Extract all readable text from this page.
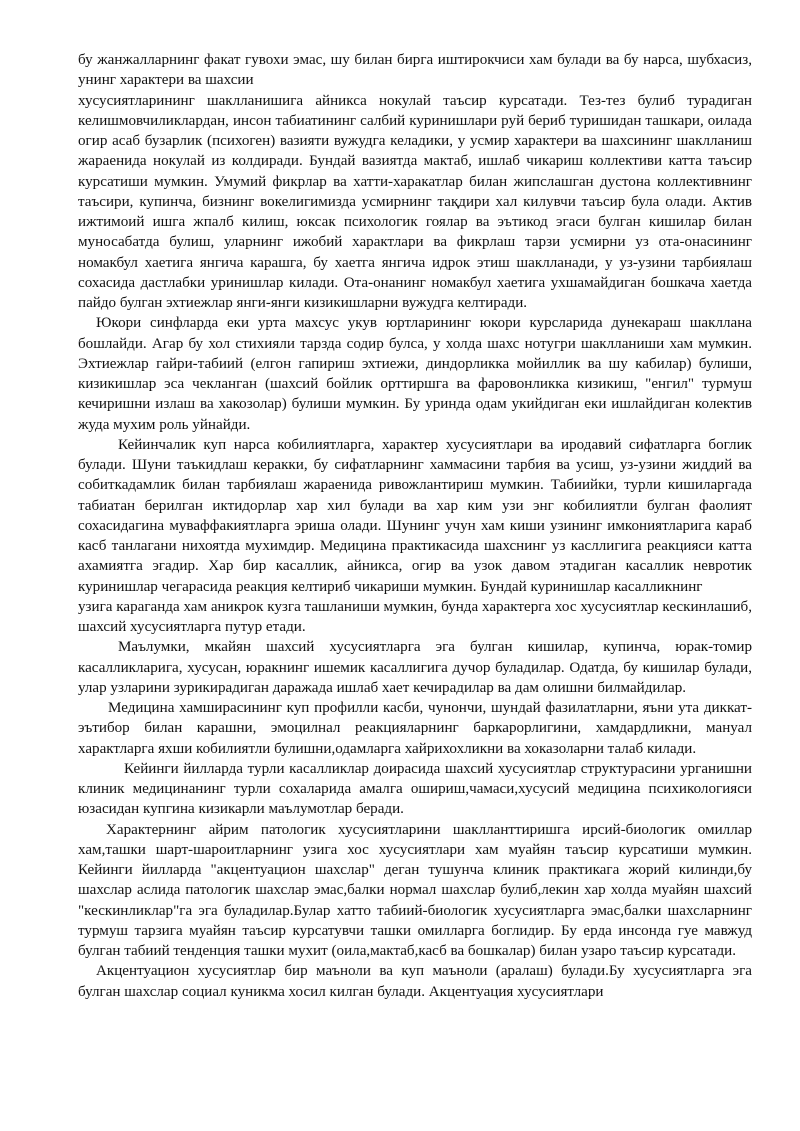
бу жанжалларнинг факат гувохи эмас, шу билан бирга иштирокчиси хам булади ва бу нарса, шубхасиз, унинг характери ва шахсии

хусусиятларининг шаклланишига айникса нокулай таъсир курсатади. Тез-тез булиб турадиган келишмовчиликлардан, инсон табиатининг салбий куринишлари руй бериб туришидан ташкари, оилада огир асаб бузарлик (психоген) вазияти вужудга келадики, у усмир характери ва шахсининг шаклланиш жараенида нокулай из колдиради. Бундай вазиятда мактаб, ишлаб чикариш коллективи катта таъсир курсатиши мумкин. Умумий фикрлар ва хатти-харакатлар билан жипслашган дустона коллективнинг таъсири, купинча, бизнинг вокелигимизда усмирнинг тақдири хал килувчи таъсир була олади. Актив ижтимоий ишга жпалб килиш, юксак психологик гоялар ва эътикод эгаси булган кишилар билан муносабатда булиш, уларнинг ижобий характлари ва фикрлаш тарзи усмирни уз ота-онасининг номакбул хаетига янгича карашга, бу хаетга янгича идрок этиш шаклланади, у уз-узини тарбиялаш сохасида дастлабки уринишлар килади. Ота-онанинг номакбул хаетига ухшамайдиган бошкача хаетда пайдо булган эхтиежлар янги-янги кизикишларни вужудга келтиради.

Юкори синфларда еки урта махсус укув юртларининг юкори курсларида дунекараш шакллана бошлайди. Агар бу хол стихияли тарзда содир булса, у холда шахс нотугри шаклланиши хам мумкин. Эхтиежлар гайри-табиий (елгон гапириш эхтиежи, диндорликка мойиллик ва шу кабилар) булиши, кизикишлар эса чекланган (шахсий бойлик орттиршга ва фаровонликка кизикиш, "енгил" турмуш кечиришни излаш ва хакозолар) булиши мумкин. Бу уринда одам укийдиган еки ишлайдиган колектив жуда мухим роль уйнайди.

Кейинчалик куп нарса кобилиятларга, характер хусусиятлари ва иродавий сифатларга боглик булади. Шуни таъкидлаш керакки, бу сифатларнинг хаммасини тарбия ва усиш, уз-узини жиддий ва собиткадамлик билан тарбиялаш жараенида ривожлантириш мумкин. Табиийки, турли кишиларгада табиатан берилган иктидорлар хар хил булади ва хар ким узи энг кобилиятли булган фаолият сохасидагина муваффакиятларга эриша олади. Шунинг учун хам киши узининг имкониятларига караб касб танлагани нихоятда мухимдир. Медицина практикасида шахснинг уз касллигига реакцияси катта ахамиятга эгадир. Хар бир касаллик, айникса, огир ва узок давом этадиган касаллик невротик куринишлар чегарасида реакция келтириб чикариши мумкин. Бундай куринишлар касалликнинг

узига караганда хам аникрок кузга ташланиши мумкин, бунда характерга хос хусусиятлар кескинлашиб, шахсий хусусиятларга путур етади.

Маълумки, мкайян шахсий хусусиятларга эга булган кишилар, купинча, юрак-томир касалликларига, хусусан, юракнинг ишемик касаллигига дучор буладилар. Одатда, бу кишилар булади, улар узларини зурикирадиган даражада ишлаб хает кечирадилар ва дам олишни билмайдилар.

Медицина хамширасининг куп профилли касби, чунончи, шундай фазилатларни, яъни ута диккат-эътибор билан карашни, эмоцилнал реакцияларнинг баркарорлигини, хамдардликни, мануал характларга яхши кобилиятли булишни,одамларга хайрихохликни ва хоказоларни талаб килади.

Кейинги йилларда турли касалликлар доирасида шахсий хусусиятлар структурасини урганишни клиник медицинанинг турли сохаларида амалга ошириш,чамаси,хусусий медицина психикологияси юзасидан купгина кизикарли маълумотлар беради.

Характернинг айрим патологик хусусиятларини шаклланттиришга ирсий-биологик омиллар хам,ташки шарт-шароитларнинг узига хос хусусиятлари хам муайян таъсир курсатиши мумкин. Кейинги йилларда "акцентуацион шахслар" деган тушунча клиник практикага жорий килинди,бу шахслар аслида патологик шахслар эмас,балки нормал шахслар булиб,лекин хар холда муайян шахсий "кескинликлар"га эга буладилар.Булар хатто табиий-биологик хусусиятларга эмас,балки шахсларнинг турмуш тарзига муайян таъсир курсатувчи ташки омилларга боглидир. Бу ерда инсонда гуе мавжуд булган табиий тенденция ташки мухит (оила,мактаб,касб ва бошкалар) билан узаро таъсир курсатади.

Акцентуацион хусусиятлар бир маъноли ва куп маъноли (аралаш) булади.Бу хусусиятларга эга булган шахслар социал куникма хосил килган булади. Акцентуация хусусиятлари
